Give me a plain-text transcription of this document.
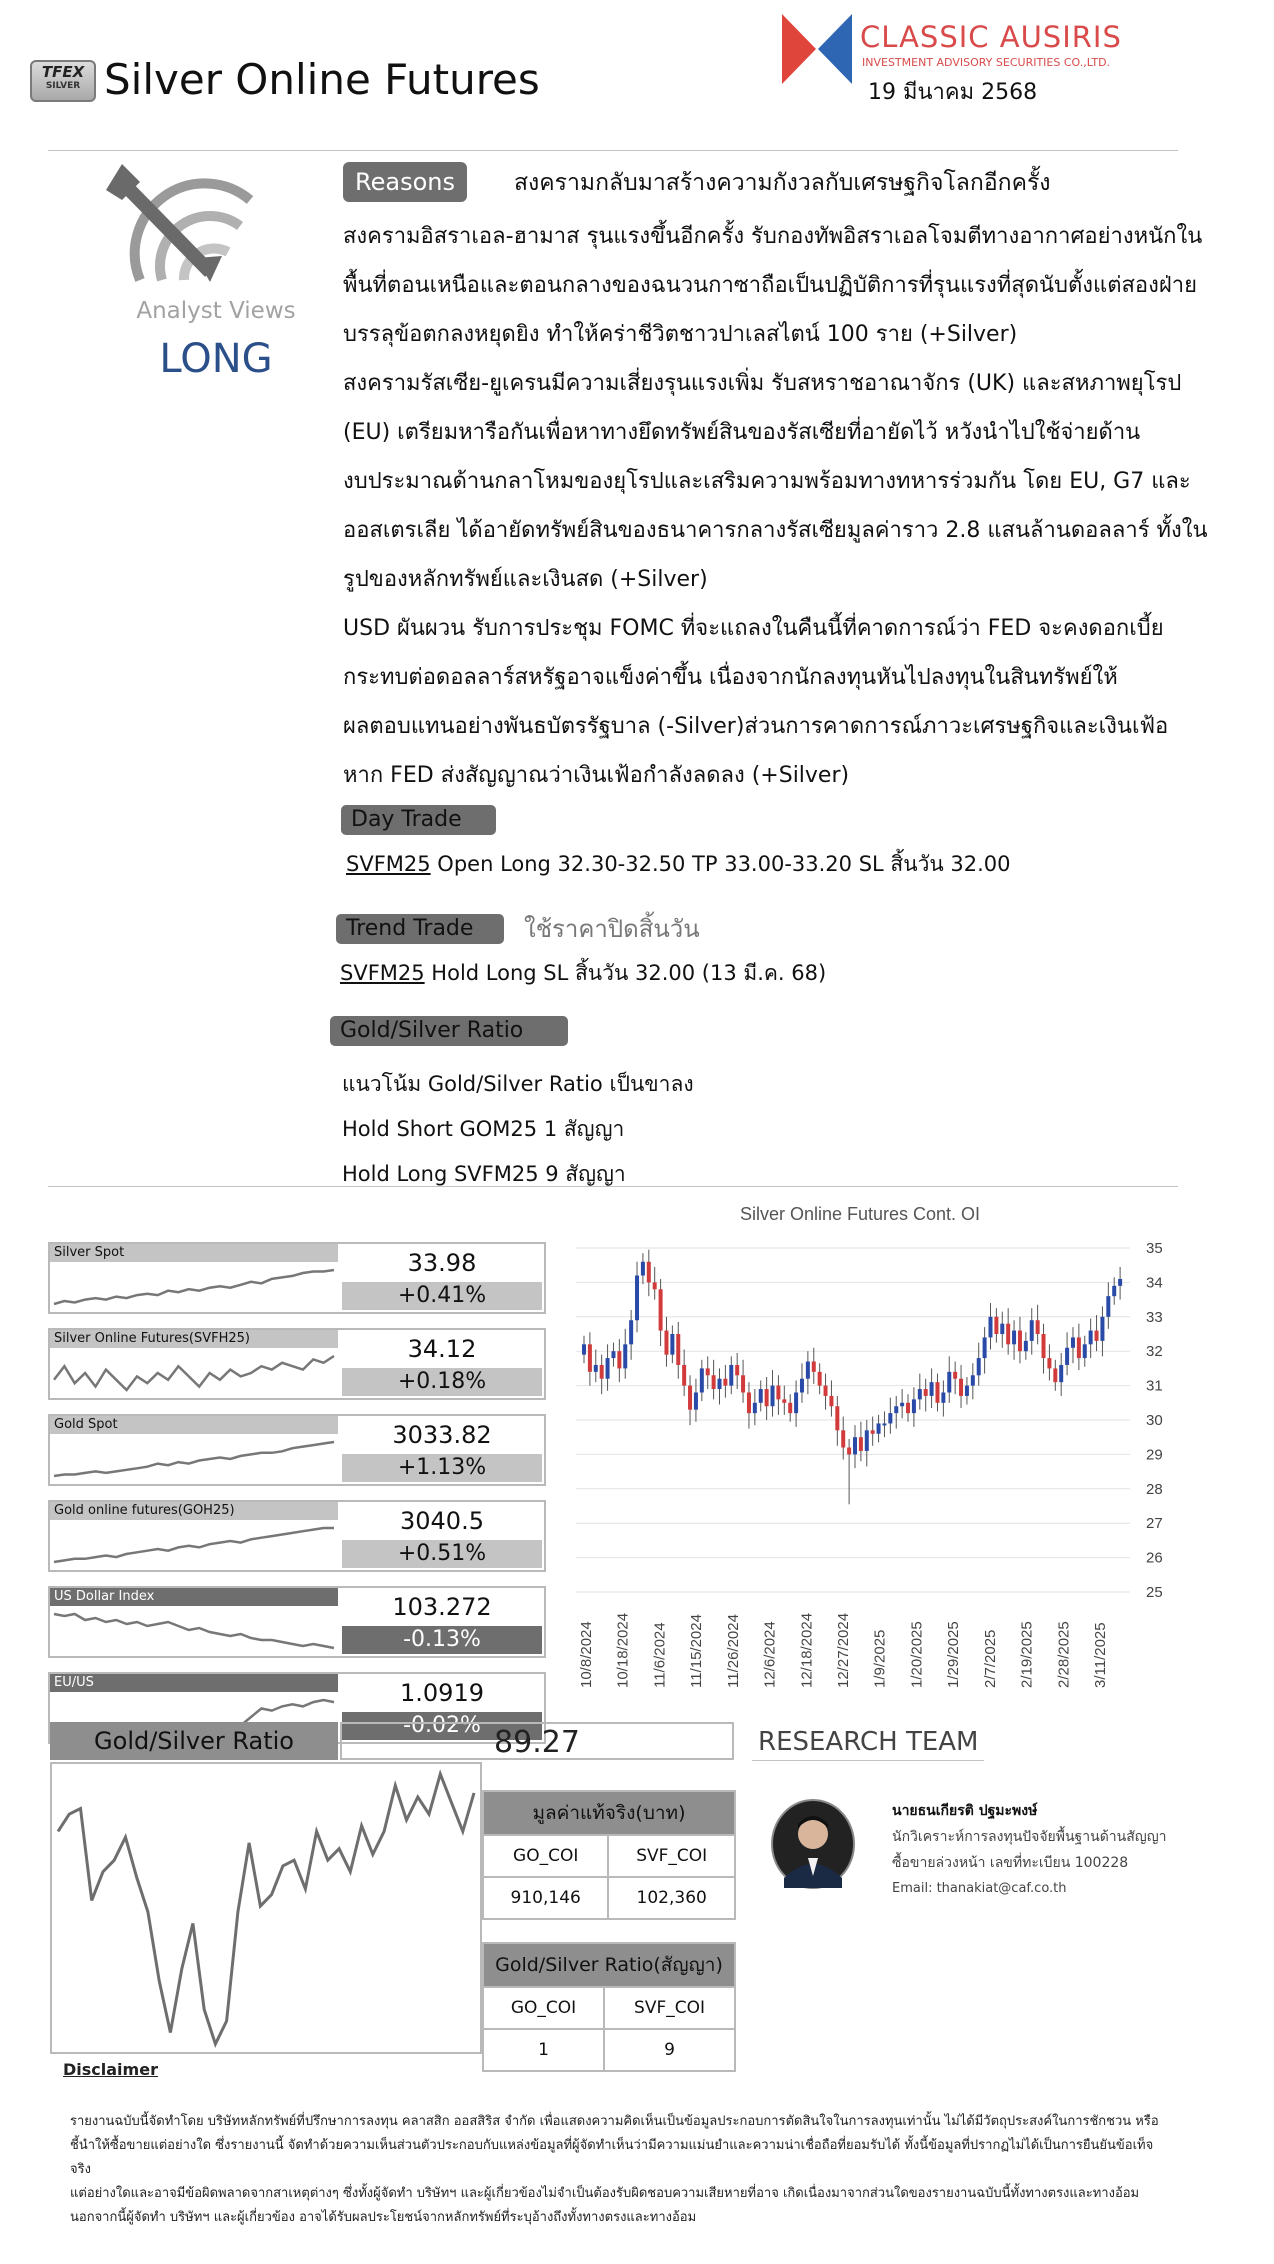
TFEX
SILVER Silver Online Futures
CLASSIC AUSIRIS
INVESTMENT ADVISORY SECURITIES CO.,LTD.
19 มีนาคม 2568
Analyst Views
LONG
Reasons	สงครามกลับมาสร้างความกังวลกับเศรษฐกิจโลกอีกครั้ง
สงครามอิสราเอล-ฮามาส รุนแรงขึ้นอีกครั้ง รับกองทัพอิสราเอลโจมตีทางอากาศอย่างหนักใน
พื้นที่ตอนเหนือและตอนกลางของฉนวนกาซาถือเป็นปฏิบัติการที่รุนแรงที่สุดนับตั้งแต่สองฝ่าย
บรรลุข้อตกลงหยุดยิง ทำให้คร่าชีวิตชาวปาเลสไตน์ 100 ราย (+Silver)
สงครามรัสเซีย-ยูเครนมีความเสี่ยงรุนแรงเพิ่ม รับสหราชอาณาจักร (UK) และสหภาพยุโรป
(EU) เตรียมหารือกันเพื่อหาทางยึดทรัพย์สินของรัสเซียที่อายัดไว้ หวังนำไปใช้จ่ายด้าน
งบประมาณด้านกลาโหมของยุโรปและเสริมความพร้อมทางทหารร่วมกัน โดย EU, G7 และ
ออสเตรเลีย ได้อายัดทรัพย์สินของธนาคารกลางรัสเซียมูลค่าราว 2.8 แสนล้านดอลลาร์ ทั้งใน
รูปของหลักทรัพย์และเงินสด (+Silver)
USD ผันผวน รับการประชุม FOMC ที่จะแถลงในคืนนี้ที่คาดการณ์ว่า FED จะคงดอกเบี้ย
กระทบต่อดอลลาร์สหรัฐอาจแข็งค่าขึ้น เนื่องจากนักลงทุนหันไปลงทุนในสินทรัพย์ให้
ผลตอบแทนอย่างพันธบัตรรัฐบาล (-Silver)ส่วนการคาดการณ์ภาวะเศรษฐกิจและเงินเฟ้อ
หาก FED ส่งสัญญาณว่าเงินเฟ้อกำลังลดลง (+Silver)
Day Trade
SVFM25 Open Long 32.30-32.50 TP 33.00-33.20 SL สิ้นวัน 32.00
Trend Trade	ใช้ราคาปิดสิ้นวัน
SVFM25 Hold Long SL สิ้นวัน 32.00 (13 มี.ค. 68)
Gold/Silver Ratio
แนวโน้ม Gold/Silver Ratio เป็นขาลง
Hold Short GOM25 1 สัญญา
Hold Long SVFM25 9 สัญญา
Silver Spot	33.98
+0.41%
Silver Online Futures(SVFH25)	34.12
+0.18%
Gold Spot	3033.82
+1.13%
Gold online futures(GOH25)	3040.5
+0.51%
US Dollar Index	103.272
-0.13%
EU/US	1.0919
-0.02%
Silver Online Futures Cont. OI
35
34
33
32
31
30
29
28
27
26
25
10/8/2024 10/18/2024 11/6/2024 11/15/2024 11/26/2024 12/6/2024 12/18/2024 12/27/2024 1/9/2025 1/20/2025 1/29/2025 2/7/2025 2/19/2025 2/28/2025 3/11/2025
Gold/Silver Ratio	89.27	RESEARCH TEAM
มูลค่าแท้จริง(บาท)	
GO_COI	SVF_COI
910,146	102,360
Gold/Silver Ratio(สัญญา)	
GO_COI	SVF_COI
1	9
นายธนเกียรติ ปฐมะพงษ์
นักวิเคราะห์การลงทุนปัจจัยพื้นฐานด้านสัญญา
ซื้อขายล่วงหน้า เลขที่ทะเบียน 100228
Email: thanakiat@caf.co.th
Disclaimer
รายงานฉบับนี้จัดทำโดย บริษัทหลักทรัพย์ที่ปรึกษาการลงทุน คลาสสิก ออสสิริส จำกัด เพื่อแสดงความคิดเห็นเป็นข้อมูลประกอบการตัดสินใจในการลงทุนเท่านั้น ไม่ได้มีวัตถุประสงค์ในการชักชวน หรือ
ชี้นำให้ซื้อขายแต่อย่างใด ซึ่งรายงานนี้ จัดทำด้วยความเห็นส่วนตัวประกอบกับแหล่งข้อมูลที่ผู้จัดทำเห็นว่ามีความแม่นยำและความน่าเชื่อถือที่ยอมรับได้ ทั้งนี้ข้อมูลที่ปรากฏไม่ได้เป็นการยืนยันข้อเท็จจริง
แต่อย่างใดและอาจมีข้อผิดพลาดจากสาเหตุต่างๆ ซึ่งทั้งผู้จัดทำ บริษัทฯ และผู้เกี่ยวข้องไม่จำเป็นต้องรับผิดชอบความเสียหายที่อาจ เกิดเนื่องมาจากส่วนใดของรายงานฉบับนี้ทั้งทางตรงและทางอ้อม
นอกจากนี้ผู้จัดทำ บริษัทฯ และผู้เกี่ยวข้อง อาจได้รับผลประโยชน์จากหลักทรัพย์ที่ระบุอ้างถึงทั้งทางตรงและทางอ้อม
